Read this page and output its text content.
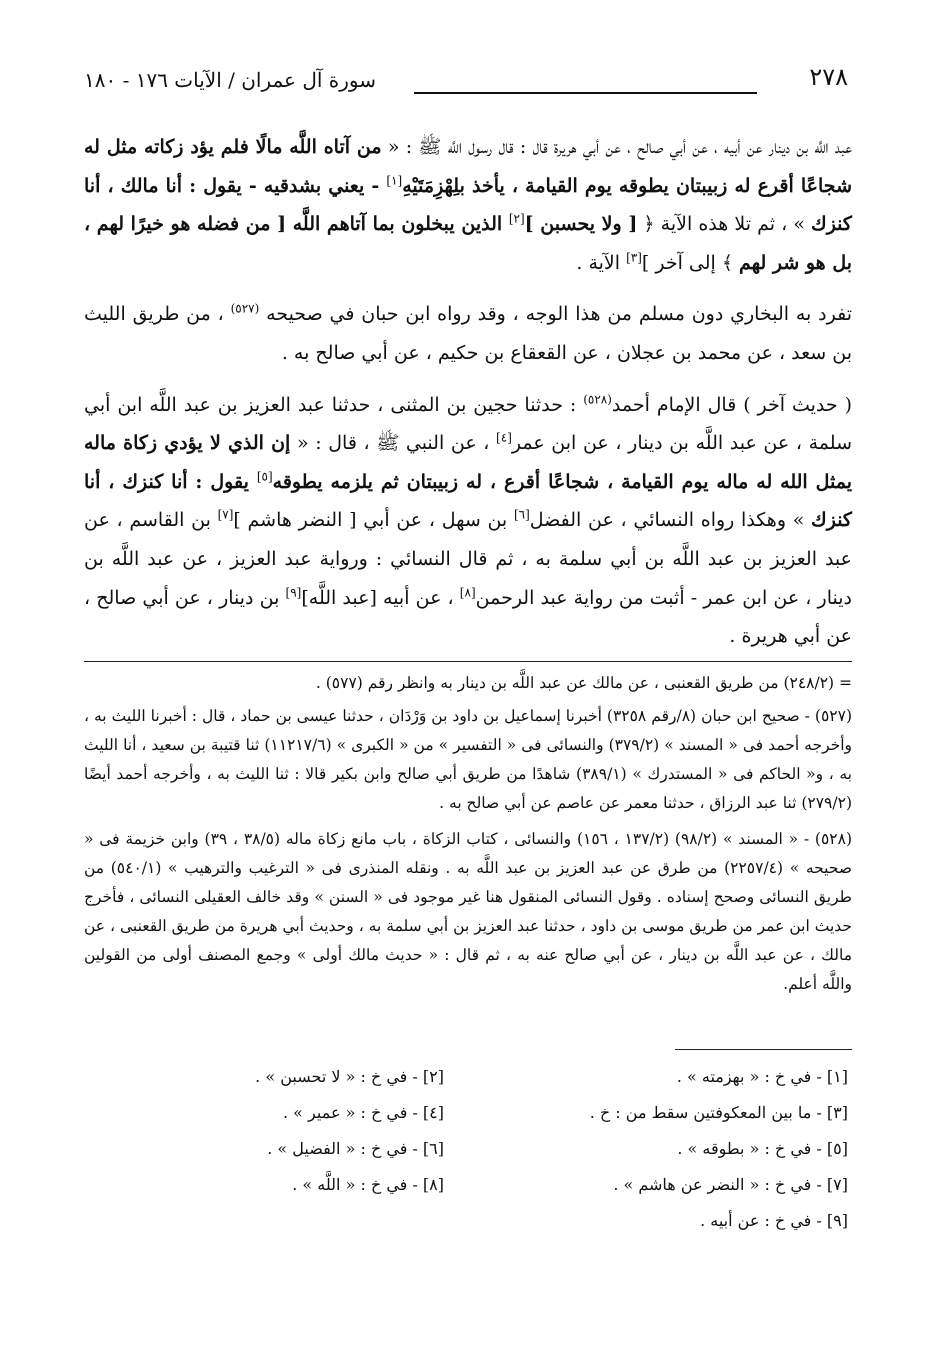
٢٧٨
سورة آل عمران / الآيات ١٧٦ - ١٨٠

عبد اللَّه بن دينار عن أبيه ، عن أبي صالح ، عن أبي هريرة قال : قال رسول اللَّه ﷺ : « من آتاه اللَّه مالًا فلم يؤد زكاته مثل له شجاعًا أقرع له زبيبتان يطوقه يوم القيامة ، يأخذ بلِهْزِمَتَيْهِ[١] - يعني بشدقيه - يقول : أنا مالك ، أنا كنزك » ، ثم تلا هذه الآية ﴿ [ ولا يحسبن ][٢] الذين يبخلون بما آتاهم اللَّه [ من فضله هو خيرًا لهم ، بل هو شر لهم ﴾ إلى آخر ][٣] الآية .

تفرد به البخاري دون مسلم من هذا الوجه ، وقد رواه ابن حبان في صحيحه $^{(٥٢٧)}$ ، من طريق الليث بن سعد ، عن محمد بن عجلان ، عن القعقاع بن حكيم ، عن أبي صالح به .

( حديث آخر ) قال الإمام أحمد$^{(٥٢٨)}$ : حدثنا حجين بن المثنى ، حدثنا عبد العزيز بن عبد اللَّه ابن أبي سلمة ، عن عبد اللَّه بن دينار ، عن ابن عمر[٤] ، عن النبي ﷺ ، قال : « إن الذي لا يؤدي زكاة ماله يمثل الله له ماله يوم القيامة ، شجاعًا أقرع ، له زبيبتان ثم يلزمه يطوقه[٥] يقول : أنا كنزك ، أنا كنزك » وهكذا رواه النسائي ، عن الفضل[٦] بن سهل ، عن أبي [ النضر هاشم ][٧] بن القاسم ، عن عبد العزيز بن عبد اللَّه بن أبي سلمة به ، ثم قال النسائي : ورواية عبد العزيز ، عن عبد اللَّه بن دينار ، عن ابن عمر - أثبت من رواية عبد الرحمن[٨] ، عن أبيه [عبد اللَّه][٩] بن دينار ، عن أبي صالح ، عن أبي هريرة .

= (٢٤٨/٢) من طريق القعنبى ، عن مالك عن عبد اللَّه بن دينار به وانظر رقم (٥٧٧) .

(٥٢٧) - صحيح ابن حبان (٨/رقم ٣٢٥٨) أخبرنا إسماعيل بن داود بن وَرْدَان ، حدثنا عيسى بن حماد ، قال : أخبرنا الليث به ، وأخرجه أحمد فى « المسند » (٣٧٩/٢) والنسائى فى « التفسير » من « الكبرى » (١١٢١٧/٦) ثنا قتيبة بن سعيد ، أنا الليث به ، و« الحاكم فى « المستدرك » (٣٨٩/١) شاهدًا من طريق أبي صالح وابن بكير قالا : ثنا الليث به ، وأخرجه أحمد أيضًا (٢٧٩/٢) ثنا عبد الرزاق ، حدثنا معمر عن عاصم عن أبي صالح به .

(٥٢٨) - « المسند » (٩٨/٢) (١٣٧/٢ ، ١٥٦) والنسائى ، كتاب الزكاة ، باب مانع زكاة ماله (٣٨/٥ ، ٣٩) وابن خزيمة فى « صحيحه » (٢٢٥٧/٤) من طرق عن عبد العزيز بن عبد اللَّه به . ونقله المنذرى فى « الترغيب والترهيب » (٥٤٠/١) من طريق النسائى وصحح إسناده . وقول النسائى المنقول هنا غير موجود فى « السنن » وقد خالف العقيلى النسائى ، فأخرج حديث ابن عمر من طريق موسى بن داود ، حدثنا عبد العزيز بن أبي سلمة به ، وحديث أبي هريرة من طريق القعنبى ، عن مالك ، عن عبد اللَّه بن دينار ، عن أبي صالح عنه به ، ثم قال : « حديث مالك أولى » وجمع المصنف أولى من القولين واللَّه أعلم.

[١] - في خ : « بهزمته » .
[٢] - في خ : « لا تحسبن » .
[٣] - ما بين المعكوفتين سقط من : خ .
[٤] - في خ : « عمير » .
[٥] - في خ : « بطوقه » .
[٦] - في خ : « الفضيل » .
[٧] - في خ : « النضر عن هاشم » .
[٨] - في خ : « اللَّه » .
[٩] - في خ : عن أبيه .
